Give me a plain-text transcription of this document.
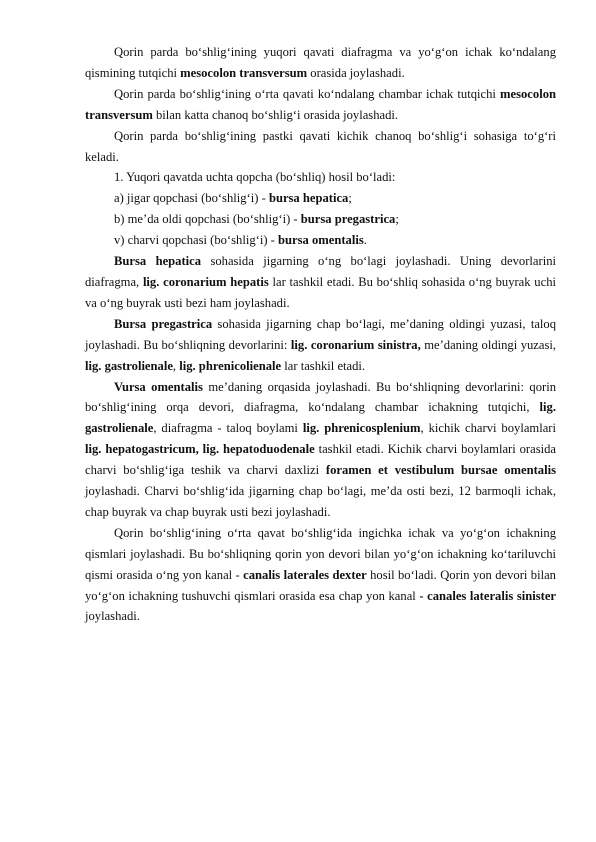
Qorin parda bo‘shlig‘ining yuqori qavati diafragma va yo‘g‘on ichak ko‘ndalang qismining tutqichi mesocolon transversum orasida joylashadi.

Qorin parda bo‘shlig‘ining o‘rta qavati ko‘ndalang chambar ichak tutqichi mesocolon transversum bilan katta chanoq bo‘shlig‘i orasida joylashadi.

Qorin parda bo‘shlig‘ining pastki qavati kichik chanoq bo‘shlig‘i sohasiga to‘g‘ri keladi.

1. Yuqori qavatda uchta qopcha (bo‘shliq) hosil bo‘ladi:

a) jigar qopchasi (bo‘shlig‘i) - bursa hepatica;

b) me’da oldi qopchasi (bo‘shlig‘i) - bursa pregastrica;

v) charvi qopchasi (bo‘shlig‘i) - bursa omentalis.

Bursa hepatica sohasida jigarning o‘ng bo‘lagi joylashadi. Uning devorlarini diafragma, lig. coronarium hepatis lar tashkil etadi. Bu bo‘shliq sohasida o‘ng buyrak uchi va o‘ng buyrak usti bezi ham joylashadi.

Bursa pregastrica sohasida jigarning chap bo‘lagi, me’daning oldingi yuzasi, taloq joylashadi. Bu bo‘shliqning devorlarini: lig. coronarium sinistra, me’daning oldingi yuzasi, lig. gastrolienale, lig. phrenicolienale lar tashkil etadi.

Vursa omentalis me’daning orqasida joylashadi. Bu bo‘shliqning devorlarini: qorin bo‘shlig‘ining orqa devori, diafragma, ko‘ndalang chambar ichakning tutqichi, lig. gastrolienale, diafragma - taloq boylami lig. phrenicosplenium, kichik charvi boylamlari lig. hepatogastricum, lig. hepatoduodenale tashkil etadi. Kichik charvi boylamlari orasida charvi bo‘shlig‘iga teshik va charvi daxlizi foramen et vestibulum bursae omentalis joylashadi. Charvi bo‘shlig‘ida jigarning chap bo‘lagi, me’da osti bezi, 12 barmoqli ichak, chap buyrak va chap buyrak usti bezi joylashadi.

Qorin bo‘shlig‘ining o‘rta qavat bo‘shlig‘ida ingichka ichak va yo‘g‘on ichakning qismlari joylashadi. Bu bo‘shliqning qorin yon devori bilan yo‘g‘on ichakning ko‘tariluvchi qismi orasida o‘ng yon kanal - canalis laterales dexter hosil bo‘ladi. Qorin yon devori bilan yo‘g‘on ichakning tushuvchi qismlari orasida esa chap yon kanal - canales lateralis sinister joylashadi.
